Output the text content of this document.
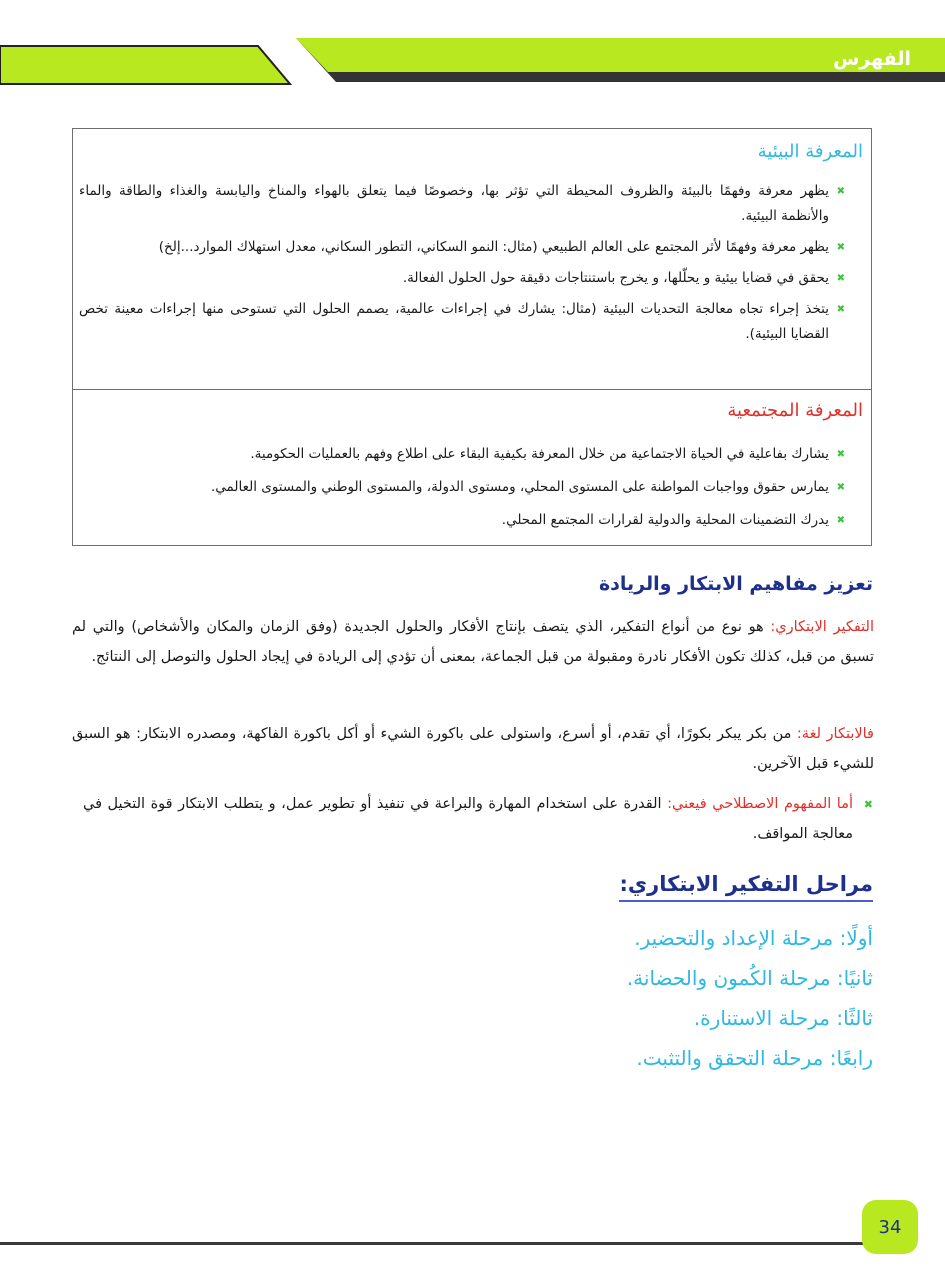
الفهرس
المعرفة البيئية
✖
يظهر معرفة وفهمًا بالبيئة والظروف المحيطة التي تؤثر بها، وخصوصًا فيما يتعلق بالهواء والمناخ واليابسة والغذاء والطاقة والماء والأنظمة البيئية.
✖
يظهر معرفة وفهمًا لأثر المجتمع على العالم الطبيعي (مثال: النمو السكاني، التطور السكاني، معدل استهلاك الموارد...إلخ)
✖
يحقق في قضايا بيئية و يحلّلها، و يخرج باستنتاجات دقيقة حول الحلول الفعالة.
✖
يتخذ إجراء تجاه معالجة التحديات البيئية (مثال: يشارك في إجراءات عالمية، يصمم الحلول التي تستوحى منها إجراءات معينة تخص القضايا البيئية).
المعرفة المجتمعية
✖
يشارك بفاعلية في الحياة الاجتماعية من خلال المعرفة بكيفية البقاء على اطلاع وفهم بالعمليات الحكومية.
✖
يمارس حقوق وواجبات المواطنة على المستوى المحلي، ومستوى الدولة، والمستوى الوطني والمستوى العالمي.
✖
يدرك التضمينات المحلية والدولية لقرارات المجتمع المحلي.
تعزيز مفاهيم الابتكار والريادة

التفكير الابتكاري: هو نوع من أنواع التفكير، الذي يتصف بإنتاج الأفكار والحلول الجديدة (وفق الزمان والمكان والأشخاص) والتي لم تسبق من قبل، كذلك تكون الأفكار نادرة ومقبولة من قبل الجماعة، بمعنى أن تؤدي إلى الريادة في إيجاد الحلول والتوصل إلى النتائج.

فالابتكار لغة: من بكر يبكر بكورًا، أي تقدم، أو أسرع، واستولى على باكورة الشيء أو أكل باكورة الفاكهة، ومصدره الابتكار: هو السبق للشيء قبل الآخرين.

✖
أما المفهوم الاصطلاحي فيعني: القدرة على استخدام المهارة والبراعة في تنفيذ أو تطوير عمل، و يتطلب الابتكار قوة التخيل في معالجة المواقف.

مراحل التفكير الابتكاري:
أولًا: مرحلة الإعداد والتحضير.
ثانيًا: مرحلة الكُمون والحضانة.
ثالثًا: مرحلة الاستنارة.
رابعًا: مرحلة التحقق والتثبت.
34
